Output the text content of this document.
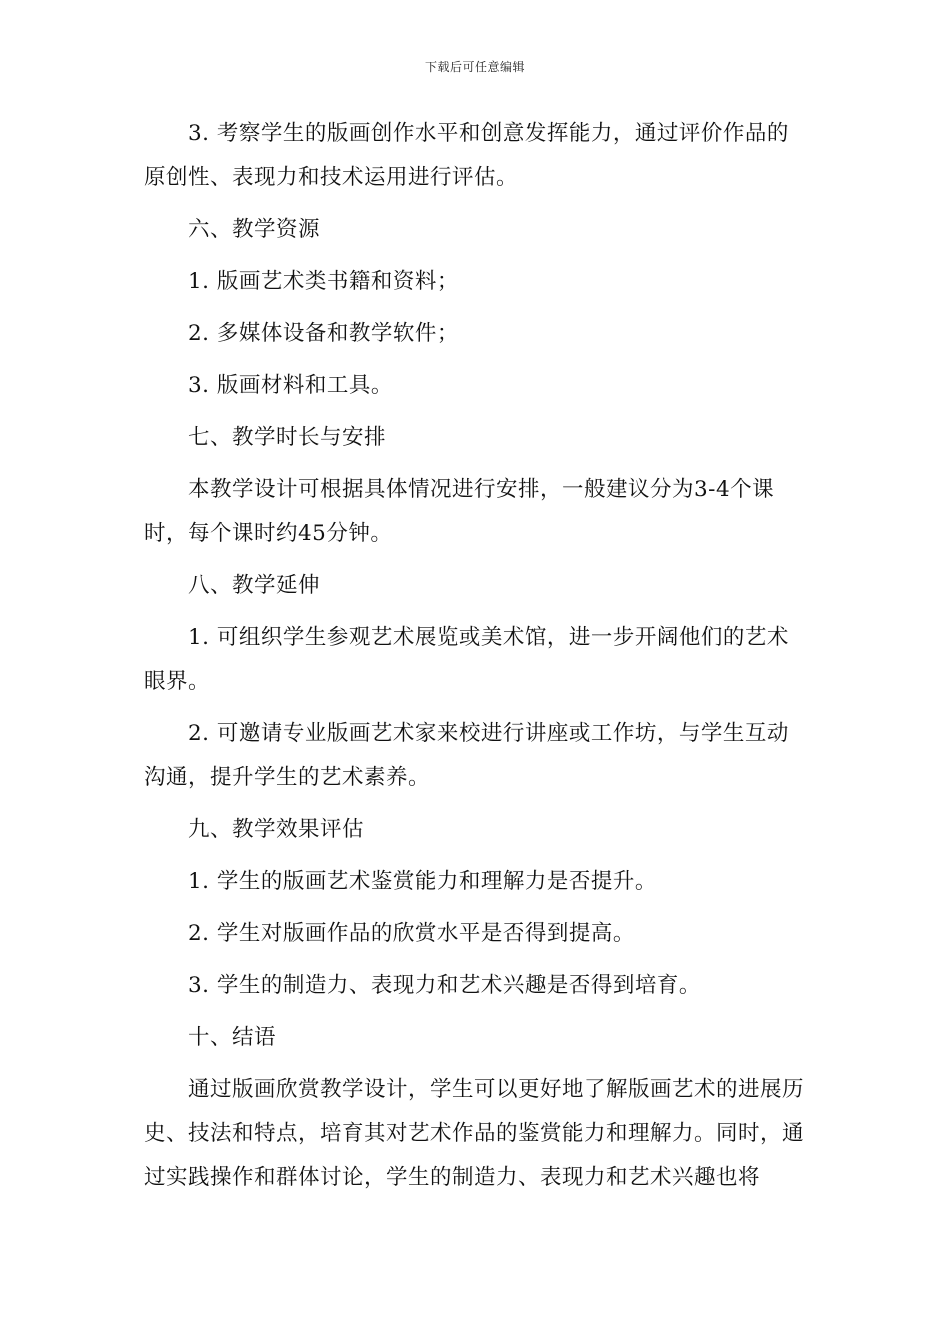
下载后可任意编辑

3. 考察学生的版画创作水平和创意发挥能力，通过评价作品的原创性、表现力和技术运用进行评估。

六、教学资源

1. 版画艺术类书籍和资料；

2. 多媒体设备和教学软件；

3. 版画材料和工具。

七、教学时长与安排

本教学设计可根据具体情况进行安排，一般建议分为3-4个课时，每个课时约45分钟。

八、教学延伸

1. 可组织学生参观艺术展览或美术馆，进一步开阔他们的艺术眼界。

2. 可邀请专业版画艺术家来校进行讲座或工作坊，与学生互动沟通，提升学生的艺术素养。

九、教学效果评估

1. 学生的版画艺术鉴赏能力和理解力是否提升。

2. 学生对版画作品的欣赏水平是否得到提高。

3. 学生的制造力、表现力和艺术兴趣是否得到培育。

十、结语

通过版画欣赏教学设计，学生可以更好地了解版画艺术的进展历史、技法和特点，培育其对艺术作品的鉴赏能力和理解力。同时，通过实践操作和群体讨论，学生的制造力、表现力和艺术兴趣也将
